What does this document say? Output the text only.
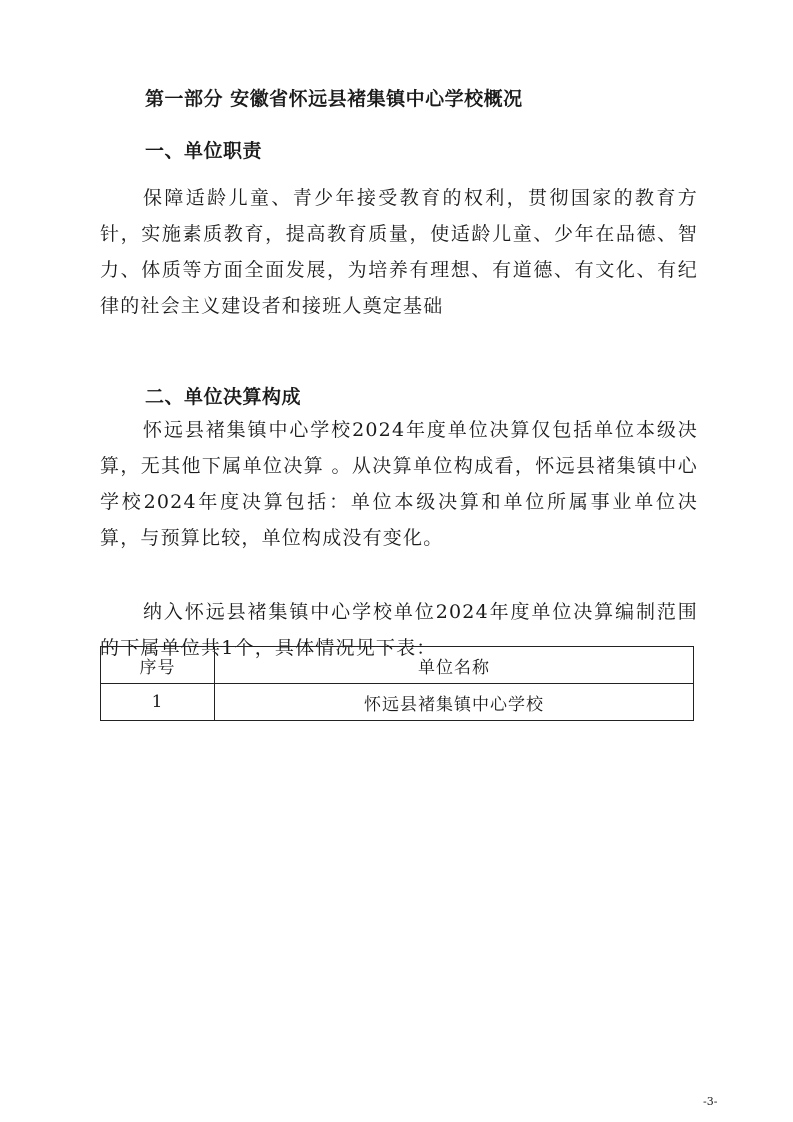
第一部分 安徽省怀远县褚集镇中心学校概况
一、单位职责

保障适龄儿童、青少年接受教育的权利，贯彻国家的教育方针，实施素质教育，提高教育质量，使适龄儿童、少年在品德、智力、体质等方面全面发展，为培养有理想、有道德、有文化、有纪律的社会主义建设者和接班人奠定基础

二、单位决算构成

怀远县褚集镇中心学校2024年度单位决算仅包括单位本级决算，无其他下属单位决算 。从决算单位构成看，怀远县褚集镇中心学校2024年度决算包括：单位本级决算和单位所属事业单位决算，与预算比较，单位构成没有变化。

纳入怀远县褚集镇中心学校单位2024年度单位决算编制范围的下属单位共1个，具体情况见下表：

序号	单位名称
1	怀远县褚集镇中心学校
-3-
